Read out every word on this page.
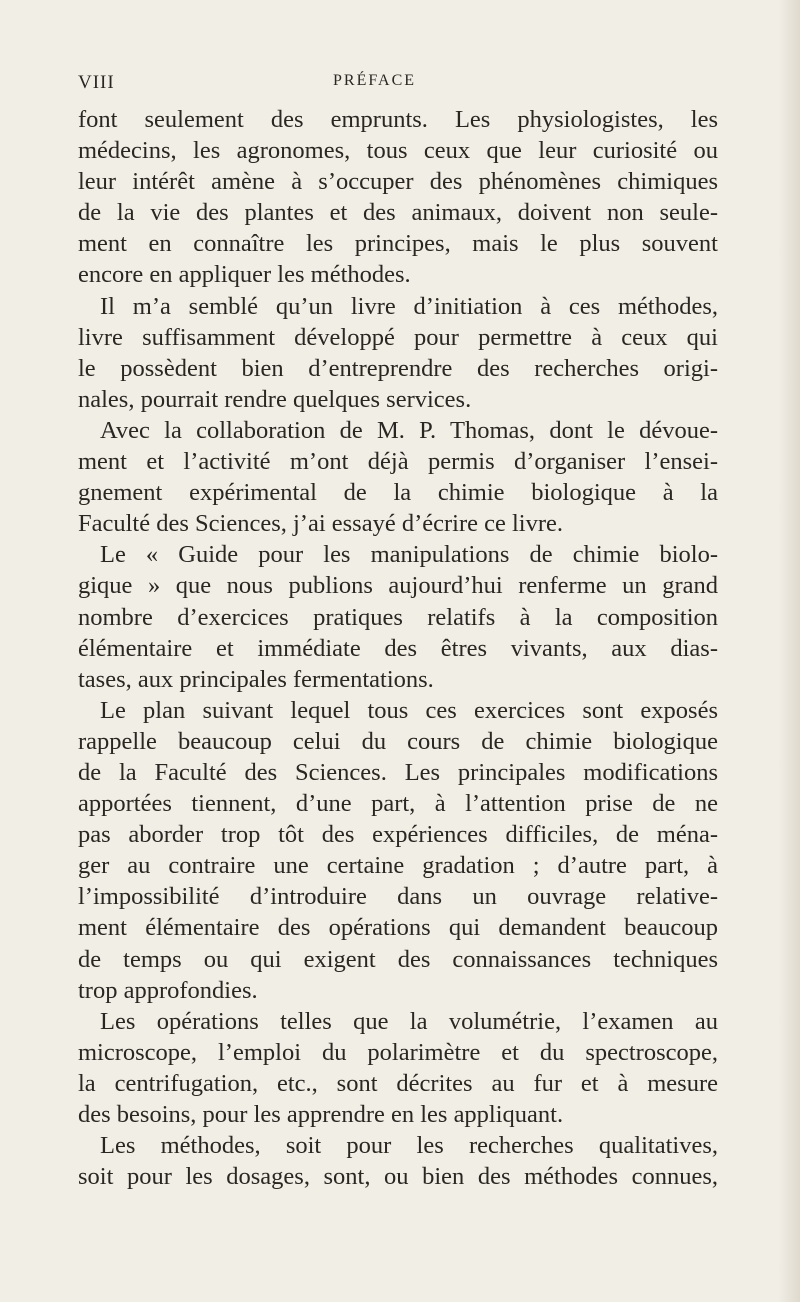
VIII	PRÉFACE
font seulement des emprunts. Les physiologistes, les
médecins, les agronomes, tous ceux que leur curiosité ou
leur intérêt amène à s’occuper des phénomènes chimiques
de la vie des plantes et des animaux, doivent non seule-
ment en connaître les principes, mais le plus souvent
encore en appliquer les méthodes.
Il m’a semblé qu’un livre d’initiation à ces méthodes,
livre suffisamment développé pour permettre à ceux qui
le possèdent bien d’entreprendre des recherches origi-
nales, pourrait rendre quelques services.
Avec la collaboration de M. P. Thomas, dont le dévoue-
ment et l’activité m’ont déjà permis d’organiser l’ensei-
gnement expérimental de la chimie biologique à la
Faculté des Sciences, j’ai essayé d’écrire ce livre.
Le « Guide pour les manipulations de chimie biolo-
gique » que nous publions aujourd’hui renferme un grand
nombre d’exercices pratiques relatifs à la composition
élémentaire et immédiate des êtres vivants, aux dias-
tases, aux principales fermentations.
Le plan suivant lequel tous ces exercices sont exposés
rappelle beaucoup celui du cours de chimie biologique
de la Faculté des Sciences. Les principales modifications
apportées tiennent, d’une part, à l’attention prise de ne
pas aborder trop tôt des expériences difficiles, de ména-
ger au contraire une certaine gradation ; d’autre part, à
l’impossibilité d’introduire dans un ouvrage relative-
ment élémentaire des opérations qui demandent beaucoup
de temps ou qui exigent des connaissances techniques
trop approfondies.
Les opérations telles que la volumétrie, l’examen au
microscope, l’emploi du polarimètre et du spectroscope,
la centrifugation, etc., sont décrites au fur et à mesure
des besoins, pour les apprendre en les appliquant.
Les méthodes, soit pour les recherches qualitatives,
soit pour les dosages, sont, ou bien des méthodes connues,
